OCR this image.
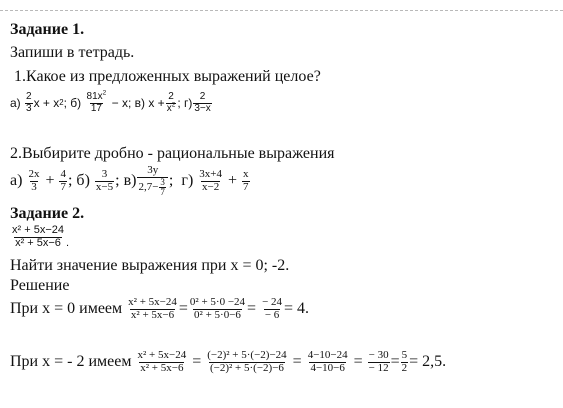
Задание 1.
Запиши в тетрадь.
1.Какое из предложенных выражений целое?
а)
$\frac{2}{3}$ x + x 2 ;
б)
$\frac{81x^2}{17}$
− x;
в) $x + \frac{2}{x^2}$ ;
$г) \frac{2}{3-x}$
2.Выбирите дробно - рациональные выражения
а)
$\frac{2x}{3}$
+
$\frac{4}{7}$ ;
б)
$\frac{3}{x-5}$ ;
$в) \frac{3y}{2,7- \frac{3}{7}}$ ;
г)
$\frac{3x+4}{x-2}$
+
$\frac{x}{7}$
Задание 2.
$\frac{\text{x² + 5x−24}}{\text{x² + 5x−6}}$ .
Найти значение выражения при x = 0; -2.
Решение
При x = 0 имеем
$\frac{\text{x² + 5x−24}}{\text{x² + 5x−6}} = \frac{\text{0² + 5·0 −24}}{\text{0² + 5·0−6}}$ =
$\frac{- 24}{- 6} = 4$.
При x = - 2 имеем
$\frac{\text{x² + 5x−24}}{\text{x² + 5x−6}}$
=
$\frac{\text{(−2)² + 5·(−2)−24}}{\text{(−2)² + 5·(−2)−6}}$
=
$\frac{4-10-24}{4-10-6}$
=
$\frac{- 30}{- 12} = \frac{5}{2} = 2,5$.
